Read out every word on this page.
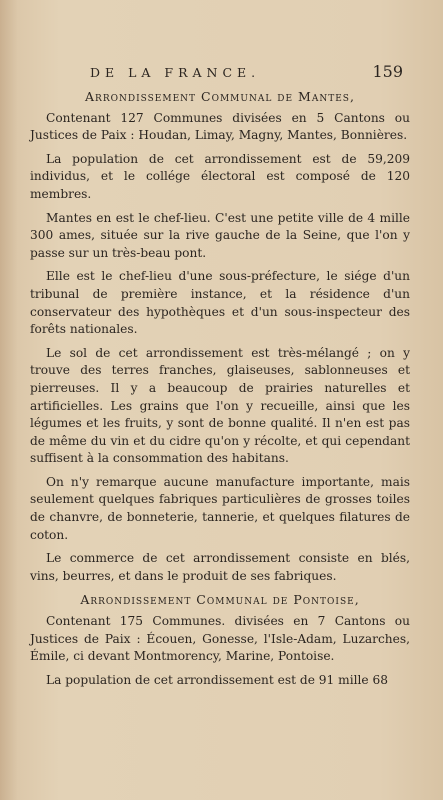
DE LA FRANCE.	159
Arrondissement Communal de Mantes,

Contenant 127 Communes divisées en 5 Cantons ou Justices de Paix : Houdan, Limay, Magny, Mantes, Bonnières.

La population de cet arrondissement est de 59,209 individus, et le collége électoral est composé de 120 membres.

Mantes en est le chef-lieu. C'est une petite ville de 4 mille 300 ames, située sur la rive gauche de la Seine, que l'on y passe sur un très-beau pont.

Elle est le chef-lieu d'une sous-préfecture, le siége d'un tribunal de première instance, et la résidence d'un conservateur des hypothèques et d'un sous-inspecteur des forêts nationales.

Le sol de cet arrondissement est très-mélangé ; on y trouve des terres franches, glaiseuses, sablonneuses et pierreuses. Il y a beaucoup de prairies naturelles et artificielles. Les grains que l'on y recueille, ainsi que les légumes et les fruits, y sont de bonne qualité. Il n'en est pas de même du vin et du cidre qu'on y récolte, et qui cependant suffisent à la consommation des habitans.

On n'y remarque aucune manufacture importante, mais seulement quelques fabriques particulières de grosses toiles de chanvre, de bonneterie, tannerie, et quelques filatures de coton.

Le commerce de cet arrondissement consiste en blés, vins, beurres, et dans le produit de ses fabriques.

Arrondissement Communal de Pontoise,

Contenant 175 Communes. divisées en 7 Cantons ou Justices de Paix : Écouen, Gonesse, l'Isle-Adam, Luzarches, Émile, ci devant Montmorency, Marine, Pontoise.

La population de cet arrondissement est de 91 mille 68
